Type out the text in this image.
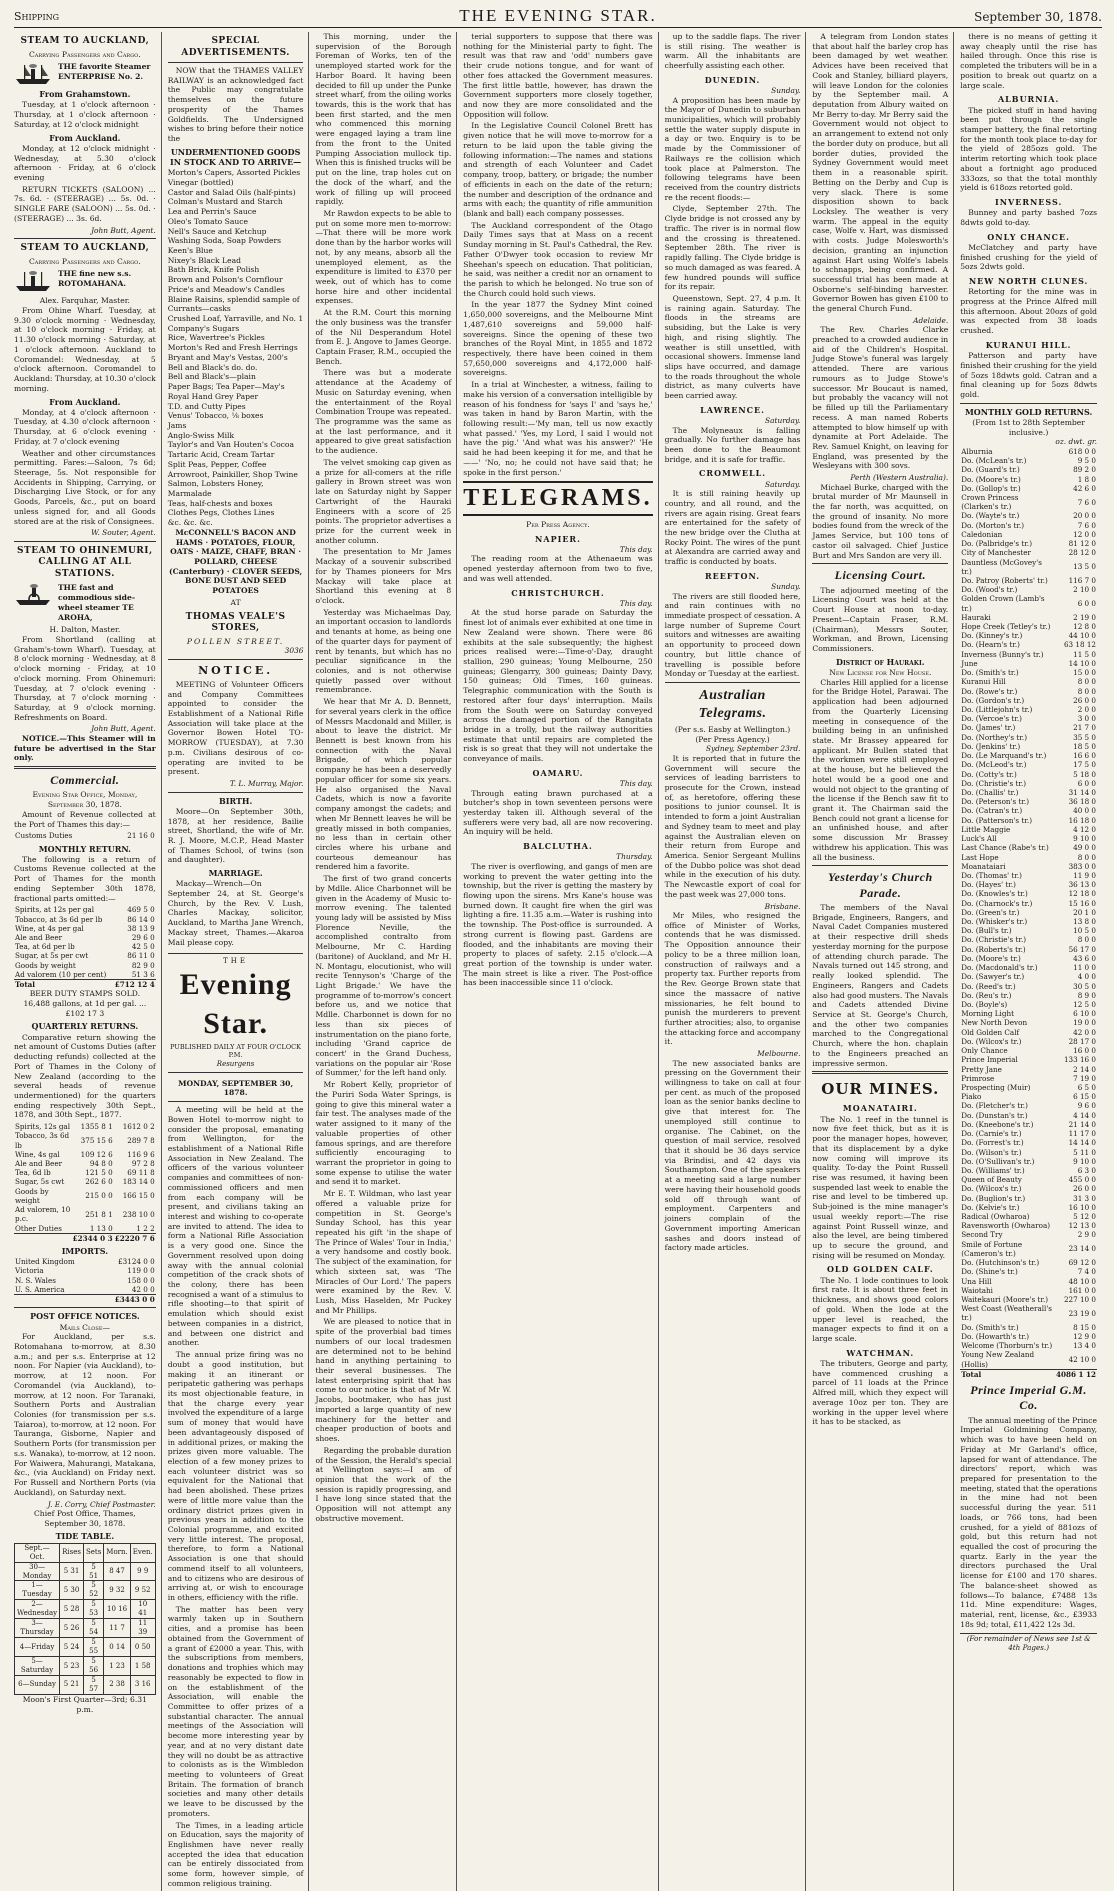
Shipping	THE EVENING STAR.	September 30, 1878.
STEAM TO AUCKLAND,
Carrying Passengers and Cargo.
THE favorite Steamer ENTERPRISE No. 2.
From Grahamstown.

Tuesday, at 1 o'clock afternoon · Thursday, at 1 o'clock afternoon · Saturday, at 12 o'clock midnight

From Auckland.

Monday, at 12 o'clock midnight · Wednesday, at 5.30 o'clock afternoon · Friday, at 6 o'clock evening

RETURN TICKETS (SALOON) ... 7s. 6d. · (STEERAGE) ... 5s. 0d. · SINGLE FARE (SALOON) ... 5s. 0d. · (STEERAGE) ... 3s. 6d.

John Butt, Agent.
STEAM TO AUCKLAND,
Carrying Passengers and Cargo.
THE fine new s.s. ROTOMAHANA.
Alex. Farquhar, Master.

From Ohine Wharf. Tuesday, at 9.30 o'clock morning · Wednesday, at 10 o'clock morning · Friday, at 11.30 o'clock morning · Saturday, at 1 o'clock afternoon. Auckland to Coromandel: Wednesday, at 5 o'clock afternoon. Coromandel to Auckland: Thursday, at 10.30 o'clock morning.

From Auckland.

Monday, at 4 o'clock afternoon · Tuesday, at 4.30 o'clock afternoon · Thursday, at 6 o'clock evening · Friday, at 7 o'clock evening

Weather and other circumstances permitting. Fares:—Saloon, 7s 6d; Steerage, 5s. Not responsible for Accidents in Shipping, Carrying, or Discharging Live Stock, or for any Goods, Parcels, &c., put on board unless signed for, and all Goods stored are at the risk of Consignees.

W. Souter, Agent.
STEAM TO OHINEMURI, CALLING AT ALL STATIONS.
THE fast and commodious side-wheel steamer TE AROHA,
H. Dalton, Master.

From Shortland (calling at Graham's-town Wharf). Tuesday, at 8 o'clock morning · Wednesday, at 8 o'clock morning · Friday, at 10 o'clock morning. From Ohinemuri: Tuesday, at 7 o'clock evening · Thursday, at 7 o'clock morning · Saturday, at 9 o'clock morning. Refreshments on Board.

John Butt, Agent.

NOTICE.—This Steamer will in future be advertised in the Star only.

Commercial.
Evening Star Office, Monday, September 30, 1878.

Amount of Revenue collected at the Port of Thames this day:—

Customs Duties	21 16 0
MONTHLY RETURN.

The following is a return of Customs Revenue collected at the Port of Thames for the month ending September 30th 1878, fractional parts omitted:—

Spirits, at 12s per gal	469 5 0
Tobacco, at 3s 6d per lb	86 14 0
Wine, at 4s per gal	38 13 9
Ale and Beer	29 6 0
Tea, at 6d per lb	42 5 0
Sugar, at 5s per cwt	86 11 0
Goods by weight	82 9 0
Ad valorem (10 per cent)	51 3 6
Total	£712 12 4
BEER DUTY STAMPS SOLD.
16,488 gallons, at 1d per gal. ... £102 17 3
QUARTERLY RETURNS.

Comparative return showing the net amount of Customs Duties (after deducting refunds) collected at the Port of Thames in the Colony of New Zealand (according to the several heads of revenue undermentioned) for the quarters ending respectively 30th Sept., 1878, and 30th Sept., 1877.

Spirits, 12s gal	1355 8 1	1612 0 2
Tobacco, 3s 6d lb	375 15 6	289 7 8
Wine, 4s gal	109 12 6	116 9 6
Ale and Beer	94 8 0	97 2 8
Tea, 6d lb	121 5 0	69 11 8
Sugar, 5s cwt	262 6 0	183 14 0
Goods by weight	215 0 0	166 15 0
Ad valorem, 10 p.c.	251 8 1	238 10 0
Other Duties	1 13 0	1 2 2
	£2344 0 3	£2220 7 6
IMPORTS.
United Kingdom	£3124 0 0
Victoria	119 0 0
N. S. Wales	158 0 0
U. S. America	42 0 0
	£3443 0 0
POST OFFICE NOTICES.
Mails Close—

For Auckland, per s.s. Rotomahana to-morrow, at 8.30 a.m.; and per s.s. Enterprise at 12 noon. For Napier (via Auckland), to-morrow, at 12 noon. For Coromandel (via Auckland), to-morrow, at 12 noon. For Taranaki, Southern Ports and Australian Colonies (for transmission per s.s. Taiaroa), to-morrow, at 12 noon. For Tauranga, Gisborne, Napier and Southern Ports (for transmission per s.s. Wanaka), to-morrow, at 12 noon. For Waiwera, Mahurangi, Matakana, &c., (via Auckland) on Friday next. For Russell and Northern Ports (via Auckland), on Saturday next.

J. E. Corry, Chief Postmaster.
Chief Post Office, Thames, September 30, 1878.
TIDE TABLE.
Sept.—Oct.	Rises	Sets	Morn.	Even.
30—Monday	5 31	5 51	8 47	9 9
1—Tuesday	5 30	5 52	9 32	9 52
2—Wednesday	5 28	5 53	10 16	10 41
3—Thursday	5 26	5 54	11 7	11 39
4—Friday	5 24	5 55	0 14	0 50
5—Saturday	5 23	5 56	1 23	1 58
6—Sunday	5 21	5 57	2 38	3 16
Moon's First Quarter—3rd; 6.31 p.m.
SPECIAL ADVERTISEMENTS.

NOW that the THAMES VALLEY RAILWAY is an acknowledged fact the Public may congratulate themselves on the future prosperity of the Thames Goldfields. The Undersigned wishes to bring before their notice the

UNDERMENTIONED GOODS IN STOCK AND TO ARRIVE—
Morton's Capers, Assorted Pickles
Vinegar (bottled)
Castor and Salad Oils (half-pints)
Colman's Mustard and Starch
Lea and Perrin's Sauce
Oleo's Tomato Sauce
Nell's Sauce and Ketchup
Washing Soda, Soap Powders
Keen's Blue
Nixey's Black Lead
Bath Brick, Knife Polish
Brown and Polson's Cornflour
Price's and Meadow's Candles
Blaine Raisins, splendid sample of Currants—casks
Crushed Loaf, Yarraville, and No. 1 Company's Sugars
Rice, Wavertree's Pickles
Morton's Red and Fresh Herrings
Bryant and May's Vestas, 200's
Bell and Black's do. do.
Bell and Black's—plain
Paper Bags; Tea Paper—May's Royal Hand Grey Paper
T.D. and Cutty Pipes
Venus' Tobacco, ⅛ boxes
Jams
Anglo-Swiss Milk
Taylor's and Van Houten's Cocoa
Tartaric Acid, Cream Tartar
Split Peas, Pepper, Coffee
Arrowroot, Painkiller, Shop Twine
Salmon, Lobsters Honey, Marmalade
Teas, half-chests and boxes
Clothes Pegs, Clothes Lines
&c. &c. &c.

McCONNELL'S BACON AND HAMS · POTATOES, FLOUR, OATS · MAIZE, CHAFF, BRAN · POLLARD, CHEESE (Canterbury) · CLOVER SEEDS, BONE DUST AND SEED POTATOES

AT
THOMAS VEALE'S STORES,
POLLEN STREET.
3036
NOTICE.

MEETING of Volunteer Officers and Company Committees appointed to consider the Establishment of a National Rifle Association will take place at the Governor Bowen Hotel TO-MORROW (TUESDAY), at 7.30 p.m. Civilians desirous of co-operating are invited to be present.

T. L. Murray, Major.
BIRTH.

Moore—On September 30th, 1878, at her residence, Bailie street, Shortland, the wife of Mr. R. J. Moore, M.C.P., Head Master of Thames School, of twins (son and daughter).

MARRIAGE.

Mackay—Wrench—On September 24, at St. George's Church, by the Rev. V. Lush, Charles Mackay, solicitor, Auckland, to Martha Jane Wrench, Mackay street, Thames.—Akaroa Mail please copy.

THE
Evening Star.
PUBLISHED DAILY AT FOUR O'CLOCK P.M.
Resurgens
MONDAY, SEPTEMBER 30, 1878.

A meeting will be held at the Bowen Hotel to-morrow night to consider the proposal, emanating from Wellington, for the establishment of a National Rifle Association in New Zealand. The officers of the various volunteer companies and committees of non-commissioned officers and men from each company will be present, and civilians taking an interest and wishing to co-operate are invited to attend. The idea to form a National Rifle Association is a very good one. Since the Government resolved upon doing away with the annual colonial competition of the crack shots of the colony, there has been recognised a want of a stimulus to rifle shooting—to that spirit of emulation which should exist between companies in a district, and between one district and another.

The annual prize firing was no doubt a good institution, but making it an itinerant or peripatetic gathering was perhaps its most objectionable feature, in that the charge every year involved the expenditure of a large sum of money that would have been advantageously disposed of in additional prizes, or making the prizes given more valuable. The election of a few money prizes to each volunteer district was so equivalent for the National that had been abolished. These prizes were of little more value than the ordinary district prizes given in previous years in addition to the Colonial programme, and excited very little interest. The proposal, therefore, to form a National Association is one that should commend itself to all volunteers, and to citizens who are desirous of arriving at, or wish to encourage in others, efficiency with the rifle.

The matter has been very warmly taken up in Southern cities, and a promise has been obtained from the Government of a grant of £2000 a year. This, with the subscriptions from members, donations and trophies which may reasonably be expected to flow in on the establishment of the Association, will enable the Committee to offer prizes of a substantial character. The annual meetings of the Association will become more interesting year by year, and at no very distant date they will no doubt be as attractive to colonists as is the Wimbledon meeting to volunteers of Great Britain. The formation of branch societies and many other details we leave to be discussed by the promoters.

The Times, in a leading article on Education, says the majority of Englishmen have never really accepted the idea that education can be entirely dissociated from some form, however simple, of common religious training.

This morning, under the supervision of the Borough Foreman of Works, ten of the unemployed started work for the Harbor Board. It having been decided to fill up under the Punke street wharf, from the oiling works towards, this is the work that has been first started, and the men who commenced this morning were engaged laying a tram line from the front to the United Pumping Association mullock tip. When this is finished trucks will be put on the line, trap holes cut on the dock of the wharf, and the work of filling up will proceed rapidly.

Mr Rawdon expects to be able to put on some more men to-morrow:—That there will be more work done than by the harbor works will not, by any means, absorb all the unemployed element, as the expenditure is limited to £370 per week, out of which has to come horse hire and other incidental expenses.

At the R.M. Court this morning the only business was the transfer of the Nil Desperandum Hotel from E. J. Angove to James George. Captain Fraser, R.M., occupied the Bench.

There was but a moderate attendance at the Academy of Music on Saturday evening, when the entertainment of the Royal Combination Troupe was repeated. The programme was the same as at the last performance, and it appeared to give great satisfaction to the audience.

The velvet smoking cap given as a prize for all-comers at the rifle gallery in Brown street was won late on Saturday night by Sapper Cartwright of the Hauraki Engineers with a score of 25 points. The proprietor advertises a prize for the current week in another column.

The presentation to Mr James Mackay of a souvenir subscribed for by Thames pioneers for Mrs Mackay will take place at Shortland this evening at 8 o'clock.

Yesterday was Michaelmas Day, an important occasion to landlords and tenants at home, as being one of the quarter days for payment of rent by tenants, but which has no peculiar significance in the colonies, and is not otherwise quietly passed over without remembrance.

We hear that Mr A. D. Bennett, for several years clerk in the office of Messrs Macdonald and Miller, is about to leave the district. Mr Bennett is best known from his connection with the Naval Brigade, of which popular company he has been a deservedly popular officer for some six years. He also organised the Naval Cadets, which is now a favorite company amongst the cadets; and when Mr Bennett leaves he will be greatly missed in both companies, no less than in certain other circles where his urbane and courteous demeanour has rendered him a favorite.

The first of two grand concerts by Mdlle. Alice Charbonnet will be given in the Academy of Music to-morrow evening. The talented young lady will be assisted by Miss Florence Neville, the accomplished contralto from Melbourne, Mr C. Harding (baritone) of Auckland, and Mr H. N. Montagu, elocutionist, who will recite Tennyson's 'Charge of the Light Brigade.' We have the programme of to-morrow's concert before us, and we notice that Mdlle. Charbonnet is down for no less than six pieces of instrumentation on the piano forte, including 'Grand caprice de concert' in the Grand Duchess, variations on the popular air 'Rose of Summer,' for the left hand only.

Mr Robert Kelly, proprietor of the Puriri Soda Water Springs, is going to give this mineral water a fair test. The analyses made of the water assigned to it many of the valuable properties of other famous springs, and are therefore sufficiently encouraging to warrant the proprietor in going to some expense to utilise the water and send it to market.

Mr E. T. Wildman, who last year offered a valuable prize for competition in St. George's Sunday School, has this year repeated his gift 'in the shape of The Prince of Wales' Tour in India,' a very handsome and costly book. The subject of the examination, for which sixteen sat, was 'The Miracles of Our Lord.' The papers were examined by the Rev. V. Lush, Miss Haselden, Mr Puckey and Mr Phillips.

We are pleased to notice that in spite of the proverbial bad times numbers of our local tradesmen are determined not to be behind hand in anything pertaining to their several businesses. The latest enterprising spirit that has come to our notice is that of Mr W. Jacobs, bootmaker, who has just imported a large quantity of new machinery for the better and cheaper production of boots and shoes.

Regarding the probable duration of the Session, the Herald's special at Wellington says:—I am of opinion that the work of the session is rapidly progressing, and I have long since stated that the Opposition will not attempt any obstructive movement.

terial supporters to suppose that there was nothing for the Ministerial party to fight. The result was that raw and 'odd' numbers gave their crude notions tongue, and for want of other foes attacked the Government measures. The first little battle, however, has drawn the Government supporters more closely together, and now they are more consolidated and the Opposition will follow.

In the Legislative Council Colonel Brett has given notice that he will move to-morrow for a return to be laid upon the table giving the following information:—The names and stations and strength of each Volunteer and Cadet company, troop, battery, or brigade; the number of efficients in each on the date of the return; the number and description of the ordnance and arms with each; the quantity of rifle ammunition (blank and ball) each company possesses.

The Auckland correspondent of the Otago Daily Times says that at Mass on a recent Sunday morning in St. Paul's Cathedral, the Rev. Father O'Dwyer took occasion to review Mr Sheehan's speech on education. That politician, he said, was neither a credit nor an ornament to the parish to which he belonged. No true son of the Church could hold such views.

In the year 1877 the Sydney Mint coined 1,650,000 sovereigns, and the Melbourne Mint 1,487,610 sovereigns and 59,000 half-sovereigns. Since the opening of these two branches of the Royal Mint, in 1855 and 1872 respectively, there have been coined in them 57,650,000 sovereigns and 4,172,000 half-sovereigns.

In a trial at Winchester, a witness, failing to make his version of a conversation intelligible by reason of his fondness for 'says I' and 'says he,' was taken in hand by Baron Martin, with the following result:—'My man, tell us now exactly what passed.' 'Yes, my Lord, I said I would not have the pig.' 'And what was his answer?' 'He said he had been keeping it for me, and that he——' 'No, no; he could not have said that; he spoke in the first person.'

TELEGRAMS.
Per Press Agency.
NAPIER.
This day.

The reading room at the Athenaeum was opened yesterday afternoon from two to five, and was well attended.

CHRISTCHURCH.
This day.

At the stud horse parade on Saturday the finest lot of animals ever exhibited at one time in New Zealand were shown. There were 86 exhibits at the sale subsequently; the highest prices realised were:—Time-o'-Day, draught stallion, 290 guineas; Young Melbourne, 250 guineas; Glengarry, 300 guineas; Dainty Davy, 150 guineas; Old Times, 160 guineas. Telegraphic communication with the South is restored after four days' interruption. Mails from the South were on Saturday conveyed across the damaged portion of the Rangitata bridge in a trolly, but the railway authorities estimate that until repairs are completed the risk is so great that they will not undertake the conveyance of mails.

OAMARU.
This day.

Through eating brawn purchased at a butcher's shop in town seventeen persons were yesterday taken ill. Although several of the sufferers were very bad, all are now recovering. An inquiry will be held.

BALCLUTHA.
Thursday.

The river is overflowing, and gangs of men are working to prevent the water getting into the township, but the river is getting the mastery by flowing upon the sirens. Mrs Kane's house was burned down. It caught fire when the girl was lighting a fire. 11.35 a.m.—Water is rushing into the township. The Post-office is surrounded. A strong current is flowing past. Gardens are flooded, and the inhabitants are moving their property to places of safety. 2.15 o'clock.—A great portion of the township is under water. The main street is like a river. The Post-office has been inaccessible since 11 o'clock.

up to the saddle flaps. The river is still rising. The weather is warm. All the inhabitants are cheerfully assisting each other.

DUNEDIN.
Sunday.

A proposition has been made by the Mayor of Dunedin to suburban municipalities, which will probably settle the water supply dispute in a day or two. Enquiry is to be made by the Commissioner of Railways re the collision which took place at Palmerston. The following telegrams have been received from the country districts re the recent floods:—

Clyde, September 27th. The Clyde bridge is not crossed any by traffic. The river is in normal flow and the crossing is threatened. September 28th. The river is rapidly falling. The Clyde bridge is so much damaged as was feared. A few hundred pounds will suffice for its repair.

Queenstown, Sept. 27, 4 p.m. It is raining again. Saturday. The floods in the streams are subsiding, but the Lake is very high, and rising slightly. The weather is still unsettled, with occasional showers. Immense land slips have occurred, and damage to the roads throughout the whole district, as many culverts have been carried away.

LAWRENCE.
Saturday.

The Molyneaux is falling gradually. No further damage has been done to the Beaumont bridge, and it is safe for traffic.

CROMWELL.
Saturday.

It is still raining heavily up country, and all round, and the rivers are again rising. Great fears are entertained for the safety of the new bridge over the Clutha at Rocky Point. The wires of the punt at Alexandra are carried away and traffic is conducted by boats.

REEFTON.
Sunday.

The rivers are still flooded here, and rain continues with no immediate prospect of cessation. A large number of Supreme Court suitors and witnesses are awaiting an opportunity to proceed down country, but little chance of travelling is possible before Monday or Tuesday at the earliest.

Australian Telegrams.
(Per s.s. Easby at Wellington.)
(Per Press Agency.)
Sydney, September 23rd.

It is reported that in future the Government will secure the services of leading barristers to prosecute for the Crown, instead of, as heretofore, offering these positions to junior counsel. It is intended to form a joint Australian and Sydney team to meet and play against the Australian eleven on their return from Europe and America. Senior Sergeant Mullins of the Dubbo police was shot dead while in the execution of his duty. The Newcastle export of coal for the past week was 27,000 tons.

Brisbane.

Mr Miles, who resigned the office of Minister of Works, contends that he was dismissed. The Opposition announce their policy to be a three million loan, construction of railways and a property tax. Further reports from the Rev. George Brown state that since the massacre of native missionaries, he felt bound to punish the murderers to prevent further atrocities; also, to organise the attacking force and accompany it.

Melbourne.

The new associated banks are pressing on the Government their willingness to take on call at four per cent. as much of the proposed loan as the senior banks decline to give that interest for. The unemployed still continue to organise. The Cabinet, on the question of mail service, resolved that it should be 36 days service via Brindisi, and 42 days via Southampton. One of the speakers at a meeting said a large number were having their household goods sold off through want of employment. Carpenters and joiners complain of the Government importing American sashes and doors instead of factory made articles.

A telegram from London states that about half the barley crop has been damaged by wet weather. Advices have been received that Cook and Stanley, billiard players, will leave London for the colonies by the September mail. A deputation from Albury waited on Mr Berry to-day. Mr Berry said the Government would not object to an arrangement to extend not only the border duty on produce, but all border duties, provided the Sydney Government would meet them in a reasonable spirit. Betting on the Derby and Cup is very slack. There is some disposition shown to back Locksley. The weather is very warm. The appeal in the equity case, Wolfe v. Hart, was dismissed with costs. Judge Molesworth's decision, granting an injunction against Hart using Wolfe's labels to schnapps, being confirmed. A successful trial has been made at Osborne's self-binding harvester. Governor Bowen has given £100 to the general Church Fund.

Adelaide.

The Rev. Charles Clarke preached to a crowded audience in aid of the Children's Hospital. Judge Stowe's funeral was largely attended. There are various rumours as to Judge Stowe's successor. Mr Boucaut is named, but probably the vacancy will not be filled up till the Parliamentary recess. A man named Roberts attempted to blow himself up with dynamite at Port Adelaide. The Rev. Samuel Knight, on leaving for England, was presented by the Wesleyans with 300 sovs.

Perth (Western Australia).

Michael Burke, charged with the brutal murder of Mr Maunsell in the far north, was acquitted, on the ground of insanity. No more bodies found from the wreck of the James Service, but 100 tons of castor oil salvaged. Chief Justice Burt and Mrs Sandon are very ill.

Licensing Court.

The adjourned meeting of the Licensing Court was held at the Court House at noon to-day. Present—Captain Fraser, R.M. (Chairman), Messrs Souter, Workman, and Brown, Licensing Commissioners.

District of Hauraki.
New License for New House.

Charles Hill applied for a license for the Bridge Hotel, Parawai. The application had been adjourned from the Quarterly Licensing meeting in consequence of the building being in an unfinished state. Mr Brassey appeared for applicant. Mr Bullen stated that the workmen were still employed at the house, but he believed the hotel would be a good one and would not object to the granting of the license if the Bench saw fit to grant it. The Chairman said the Bench could not grant a license for an unfinished house, and after some discussion Mr Brassey withdrew his application. This was all the business.

Yesterday's Church Parade.

The members of the Naval Brigade, Engineers, Rangers, and Naval Cadet Companies mustered at their respective drill sheds yesterday morning for the purpose of attending church parade. The Navals turned out 145 strong, and really looked splendid. The Engineers, Rangers and Cadets also had good musters. The Navals and Cadets attended Divine Service at St. George's Church, and the other two companies marched to the Congregational Church, where the hon. chaplain to the Engineers preached an impressive sermon.

OUR MINES.
MOANATAIRI.

The No. 1 reef in the tunnel is now five feet thick, but as it is poor the manager hopes, however, that its displacement by a dyke now coming will improve its quality. To-day the Point Russell rise was resumed, it having been suspended last week to enable the rise and level to be timbered up. Sub-joined is the mine manager's usual weekly report:—The rise against Point Russell winze, and also the level, are being timbered up to secure the ground, and rising will be resumed on Monday.

OLD GOLDEN CALF.

The No. 1 lode continues to look first rate. It is about three feet in thickness, and shows good colors of gold. When the lode at the upper level is reached, the manager expects to find it on a large scale.

WATCHMAN.

The tributers, George and party, have commenced crushing a parcel of 11 loads at the Prince Alfred mill, which they expect will average 10oz per ton. They are working in the upper level where it has to be stacked, as

there is no means of getting it away cheaply until the rise has hailed through. Once this rise is completed the tributers will be in a position to break out quartz on a large scale.

ALBURNIA.

The picked stuff in hand having been put through the single stamper battery, the final retorting for the month took place to-day for the yield of 285ozs gold. The interim retorting which took place about a fortnight ago produced 333ozs, so that the total monthly yield is 618ozs retorted gold.

INVERNESS.

Bunney and party bashed 7ozs 8dwts gold to-day.

ONLY CHANCE.

McClatchey and party have finished crushing for the yield of 5ozs 2dwts gold.

NEW NORTH CLUNES.

Retorting for the mine was in progress at the Prince Alfred mill this afternoon. About 20ozs of gold was expected from 38 loads crushed.

KURANUI HILL.

Patterson and party have finished their crushing for the yield of 5ozs 18dwts gold. Catran and a final cleaning up for 5ozs 8dwts gold.

MONTHLY GOLD RETURNS.
(From 1st to 28th September inclusive.)
oz. dwt. gr.
Alburnia	618 0 0
Do. (McLean's tr.)	9 5 0
Do. (Guard's tr.)	89 2 0
Do. (Moore's tr.)	1 8 0
Do. (Gollop's tr.)	42 6 0
Crown Princess (Clarken's tr.)	7 6 0
Do. (Wayte's tr.)	20 0 0
Do. (Morton's tr.)	7 6 0
Caledonian	12 0 0
Do. (Palbridge's tr.)	81 12 0
City of Manchester	28 12 0
Dauntless (McGovey's tr.)	13 5 0
Do. Patroy (Roberts' tr.)	116 7 0
Do. (Wood's tr.)	2 10 0
Golden Crown (Lamb's tr.)	6 0 0
Hauraki	2 19 0
Hope Creek (Tetley's tr.)	12 8 0
Do. (Kinney's tr.)	44 10 0
Do. (Hearn's tr.)	63 18 12
Inverness (Bunny's tr.)	11 5 0
June	14 10 0
Do. (Smith's tr.)	15 0 0
Kuranui Hill	8 0 0
Do. (Rowe's tr.)	8 0 0
Do. (Gordon's tr.)	26 0 0
Do. (Littlejohn's tr.)	2 0 0
Do. (Vercoe's tr.)	3 0 0
Do. (James' tr.)	21 7 0
Do. (Northey's tr.)	35 5 0
Do. (Jenkins' tr.)	18 5 0
Do. (Le Marquand's tr.)	16 6 0
Do. (McLeod's tr.)	17 5 0
Do. (Cotty's tr.)	5 18 0
Do. (Christie's tr.)	6 0 0
Do. (Challis' tr.)	31 14 0
Do. (Peterson's tr.)	36 18 0
Do. (Catran's tr.)	40 0 0
Do. (Patterson's tr.)	16 18 0
Little Maggie	4 12 0
Luck's All	9 10 0
Last Chance (Rabe's tr.)	49 0 0
Last Hope	8 0 0
Moanataiari	383 0 0
Do. (Thomas' tr.)	11 9 0
Do. (Hayes' tr.)	36 13 0
Do. (Knowles's tr.)	12 18 0
Do. (Charnock's tr.)	15 16 0
Do. (Green's tr.)	20 1 0
Do. (Whisker's tr.)	13 8 0
Do. (Bull's tr.)	10 5 0
Do. (Christie's tr.)	8 0 0
Do. (Roberts's tr.)	56 17 0
Do. (Moore's tr.)	43 6 0
Do. (Macdonald's tr.)	11 0 0
Do. (Sawyer's tr.)	4 0 0
Do. (Reed's tr.)	30 5 0
Do. (Reu's tr.)	8 9 0
Do. (Boyle's)	12 5 0
Morning Light	6 10 0
New North Devon	19 0 0
Old Golden Calf	42 0 0
Do. (Wilcox's tr.)	28 17 0
Only Chance	16 0 0
Prince Imperial	133 16 0
Pretty Jane	2 14 0
Primrose	7 19 0
Prospecting (Muir)	6 5 0
Piako	6 15 0
Do. (Fletcher's tr.)	9 6 0
Do. (Dunstan's tr.)	4 14 0
Do. (Kneebone's tr.)	21 14 0
Do. (Carnie's tr.)	11 17 0
Do. (Forrest's tr.)	14 14 0
Do. (Wilson's tr.)	5 11 0
Do. (O'Sullivan's tr.)	9 10 0
Do. (Williams' tr.)	6 3 0
Queen of Beauty	455 0 0
Do. (Wilcox's tr.)	26 0 0
Do. (Buglion's tr.)	31 3 0
Do. (Kelvie's tr.)	16 10 0
Radical (Owharoa)	5 12 0
Ravensworth (Owharoa)	12 13 0
Second Try	2 9 0
Smile of Fortune (Cameron's tr.)	23 14 0
Do. (Hutchinson's tr.)	69 12 0
Do. (Shine's tr.)	7 4 0
Una Hill	48 10 0
Waiotahi	161 0 0
Waitekauri (Moore's tr.)	227 10 0
West Coast (Weatherall's tr.)	23 19 0
Do. (Smith's tr.)	8 15 0
Do. (Howarth's tr.)	12 9 0
Welcome (Thorburn's tr.)	13 4 0
Young New Zealand (Hollis)	42 10 0
Total	4086 1 12
Prince Imperial G.M. Co.

The annual meeting of the Prince Imperial Goldmining Company, which was to have been held on Friday at Mr Garland's office, lapsed for want of attendance. The directors' report, which was prepared for presentation to the meeting, stated that the operations in the mine had not been successful during the year. 511 loads, or 766 tons, had been crushed, for a yield of 881ozs of gold, but this return had not equalled the cost of procuring the quartz. Early in the year the directors purchased the Ural license for £100 and 170 shares. The balance-sheet showed as follows—To balance, £7488 13s 11d. Mine expenditure: Wages, material, rent, license, &c., £3933 18s 9d; total, £11,422 12s 3d.

(For remainder of News see 1st & 4th Pages.)
